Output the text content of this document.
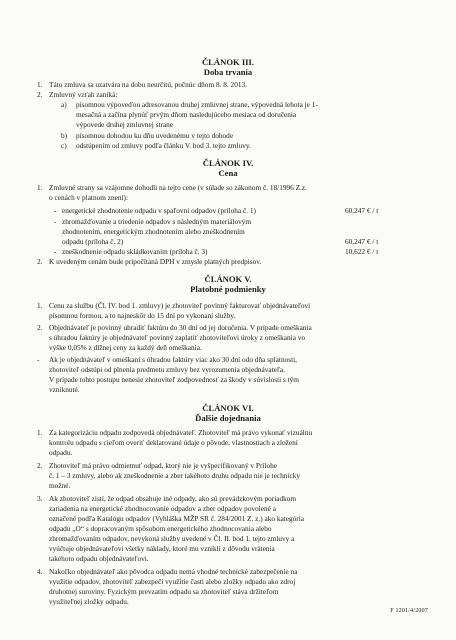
ČLÁNOK III.
Doba trvania
1. Táto zmluva sa uzatvára na dobu neurčitú, počnúc dňom 8. 8. 2013.
2. Zmluvný vzťah zaniká:
a) písomnou výpoveďou adresovanou druhej zmluvnej strane, výpovedná lehota je 1-
mesačná a začína plynúť prvým dňom nasledujúceho mesiaca od doručenia
výpovede druhej zmluvnej strane
b) písomnou dohodou ku dňu uvedenému v tejto dohode
c) odstúpením od zmluvy podľa článku V. bod 3. tejto zmluvy.
ČLÁNOK IV.
Cena
1. Zmluvné strany sa vzájomne dohodli na tejto cene (v súlade so zákonom č. 18/1996 Z.z.
o cenách v platnom znení):
- energetické zhodnotenie odpadu v spaľovni odpadov (príloha č. 1)	60,247 € / t
- zhromažďovanie a triedenie odpadov s následným materiálovým
zhodnotením, energetickým zhodnotením alebo zneškodnením
odpadu (príloha č. 2)	60,247 € / t
- zneškodnenie odpadu skládkovaním (príloha č. 3)	10,622 € / t
2. K uvedeným cenám bude pripočítaná DPH v zmysle platných predpisov.
ČLÁNOK V.
Platobné podmienky
1. Cenu za službu (Čl. IV. bod 1. zmluvy) je zhotoviteľ povinný fakturovať objednávateľovi
písomnou formou, a to najneskôr do 15 dní po vykonaní služby.
2. Objednávateľ je povinný uhradiť faktúru do 30 dní od jej doručenia. V prípade omeškania
s úhradou faktúry je objednávateľ povinný zaplatiť zhotoviteľovi úroky z omeškania vo
výške 0,05% z dlžnej ceny za každý deň omeškania.
- Ak je objednávateľ v omeškaní s úhradou faktúry viac ako 30 dní odo dňa splatnosti,
zhotoviteľ odstúpi od plnenia predmetu zmluvy bez vyrozumenia objednávateľa.
V prípade tohto postupu nenesie zhotoviteľ zodpovednosť za škody v súvislosti s tým
vzniknuté.
ČLÁNOK VI.
Ďalšie dojednania
1. Za kategorizáciu odpadu zodpovedá objednávateľ. Zhotoviteľ má právo vykonať vizuálnu
kontrolu odpadu s cieľom overiť deklarované údaje o pôvode, vlastnostiach a zložení
odpadu.
2. Zhotoviteľ má právo odmietnuť odpad, ktorý nie je vyšpecifikovaný v Prílohe
č. 1 – 3 zmluvy, alebo ak zneškodnenie a zber takéhoto druhu odpadu nie je technicky
možné.
3. Ak zhotoviteľ zistí, že odpad obsahuje iné odpady, ako sú prevádzkovým poriadkom
zariadenia na energetické zhodnocovanie odpadov a zber odpadov povolené a
označené podľa Katalógu odpadov (Vyhláška MŽP SR č. 284/2001 Z. z.) ako kategória
odpadu „O“ s dopracovaným spôsobom energetického zhodnocovania alebo
zhromažďovaním odpadov, nevykoná služby uvedené v Čl. II. bod 1. tejto zmluvy a
vyúčtuje objednávateľovi všetky náklady, ktoré mu vznikli z dôvodu vrátenia
takéhoto odpadu objednávateľovi.
4. Nakoľko objednávateľ ako pôvodca odpadu nemá vhodné technické zabezpečenie na
využitie odpadov, zhotoviteľ zabezpečí využitie časti alebo zložky odpadu ako zdroj
druhotnej suroviny. Fyzickým prevzatím odpadu sa zhotoviteľ stáva držiteľom
využiteľnej zložky odpadu.
F 1201/4/2007
